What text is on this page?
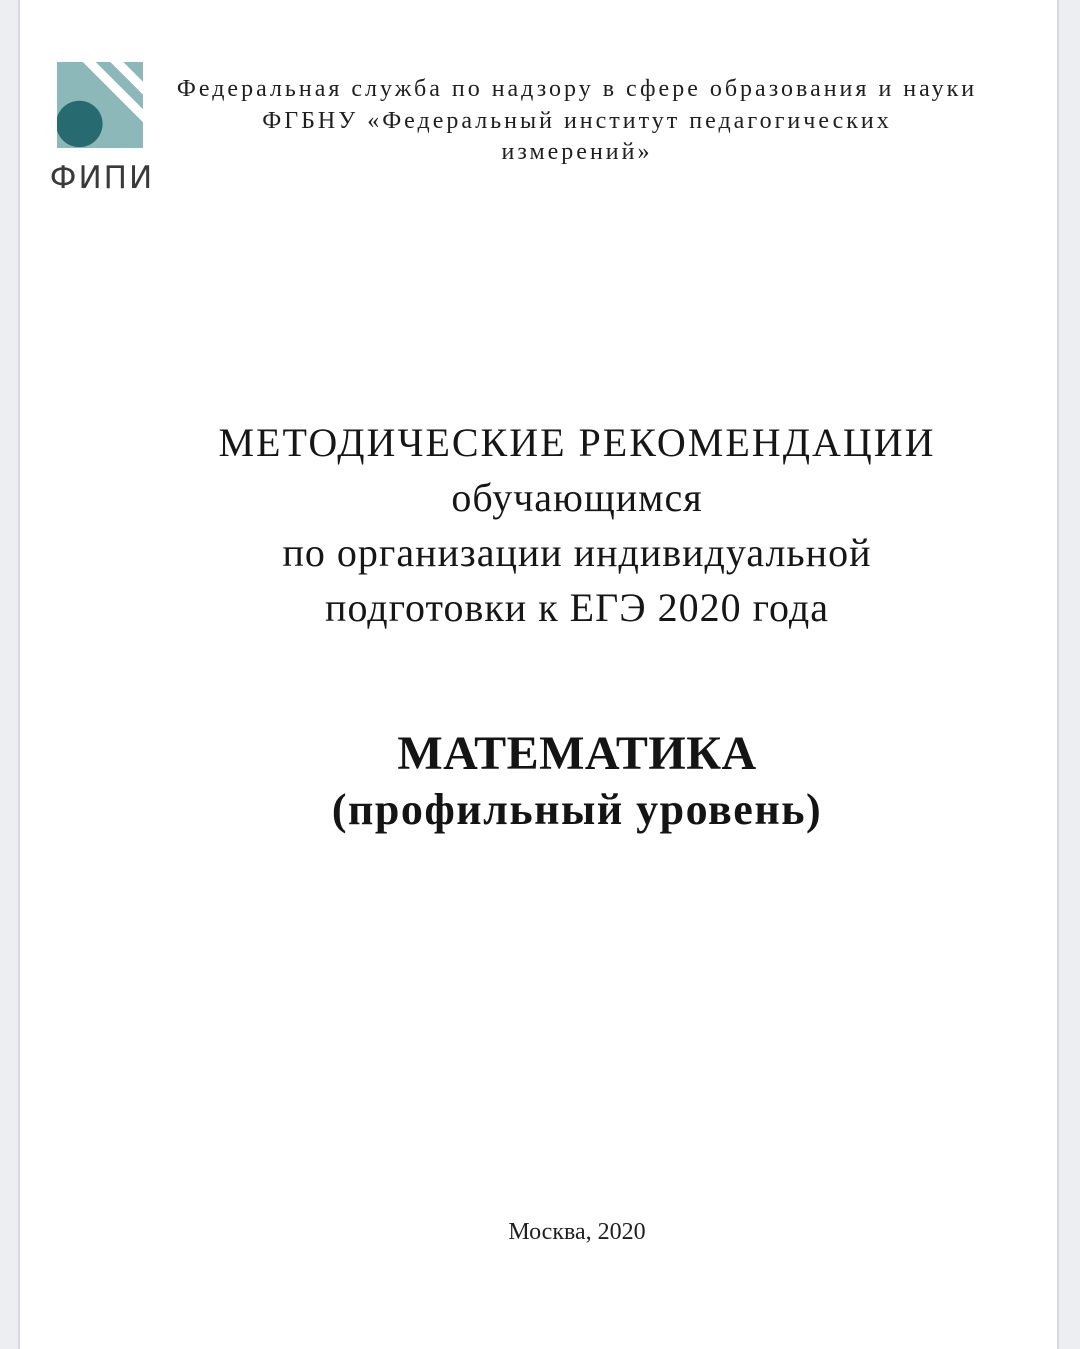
ФИПИ
Федеральная служба по надзору в сфере образования и науки
ФГБНУ «Федеральный институт педагогических
измерений»
МЕТОДИЧЕСКИЕ РЕКОМЕНДАЦИИ
обучающимся
по организации индивидуальной
подготовки к ЕГЭ 2020 года
МАТЕМАТИКА
(профильный уровень)
Москва, 2020
